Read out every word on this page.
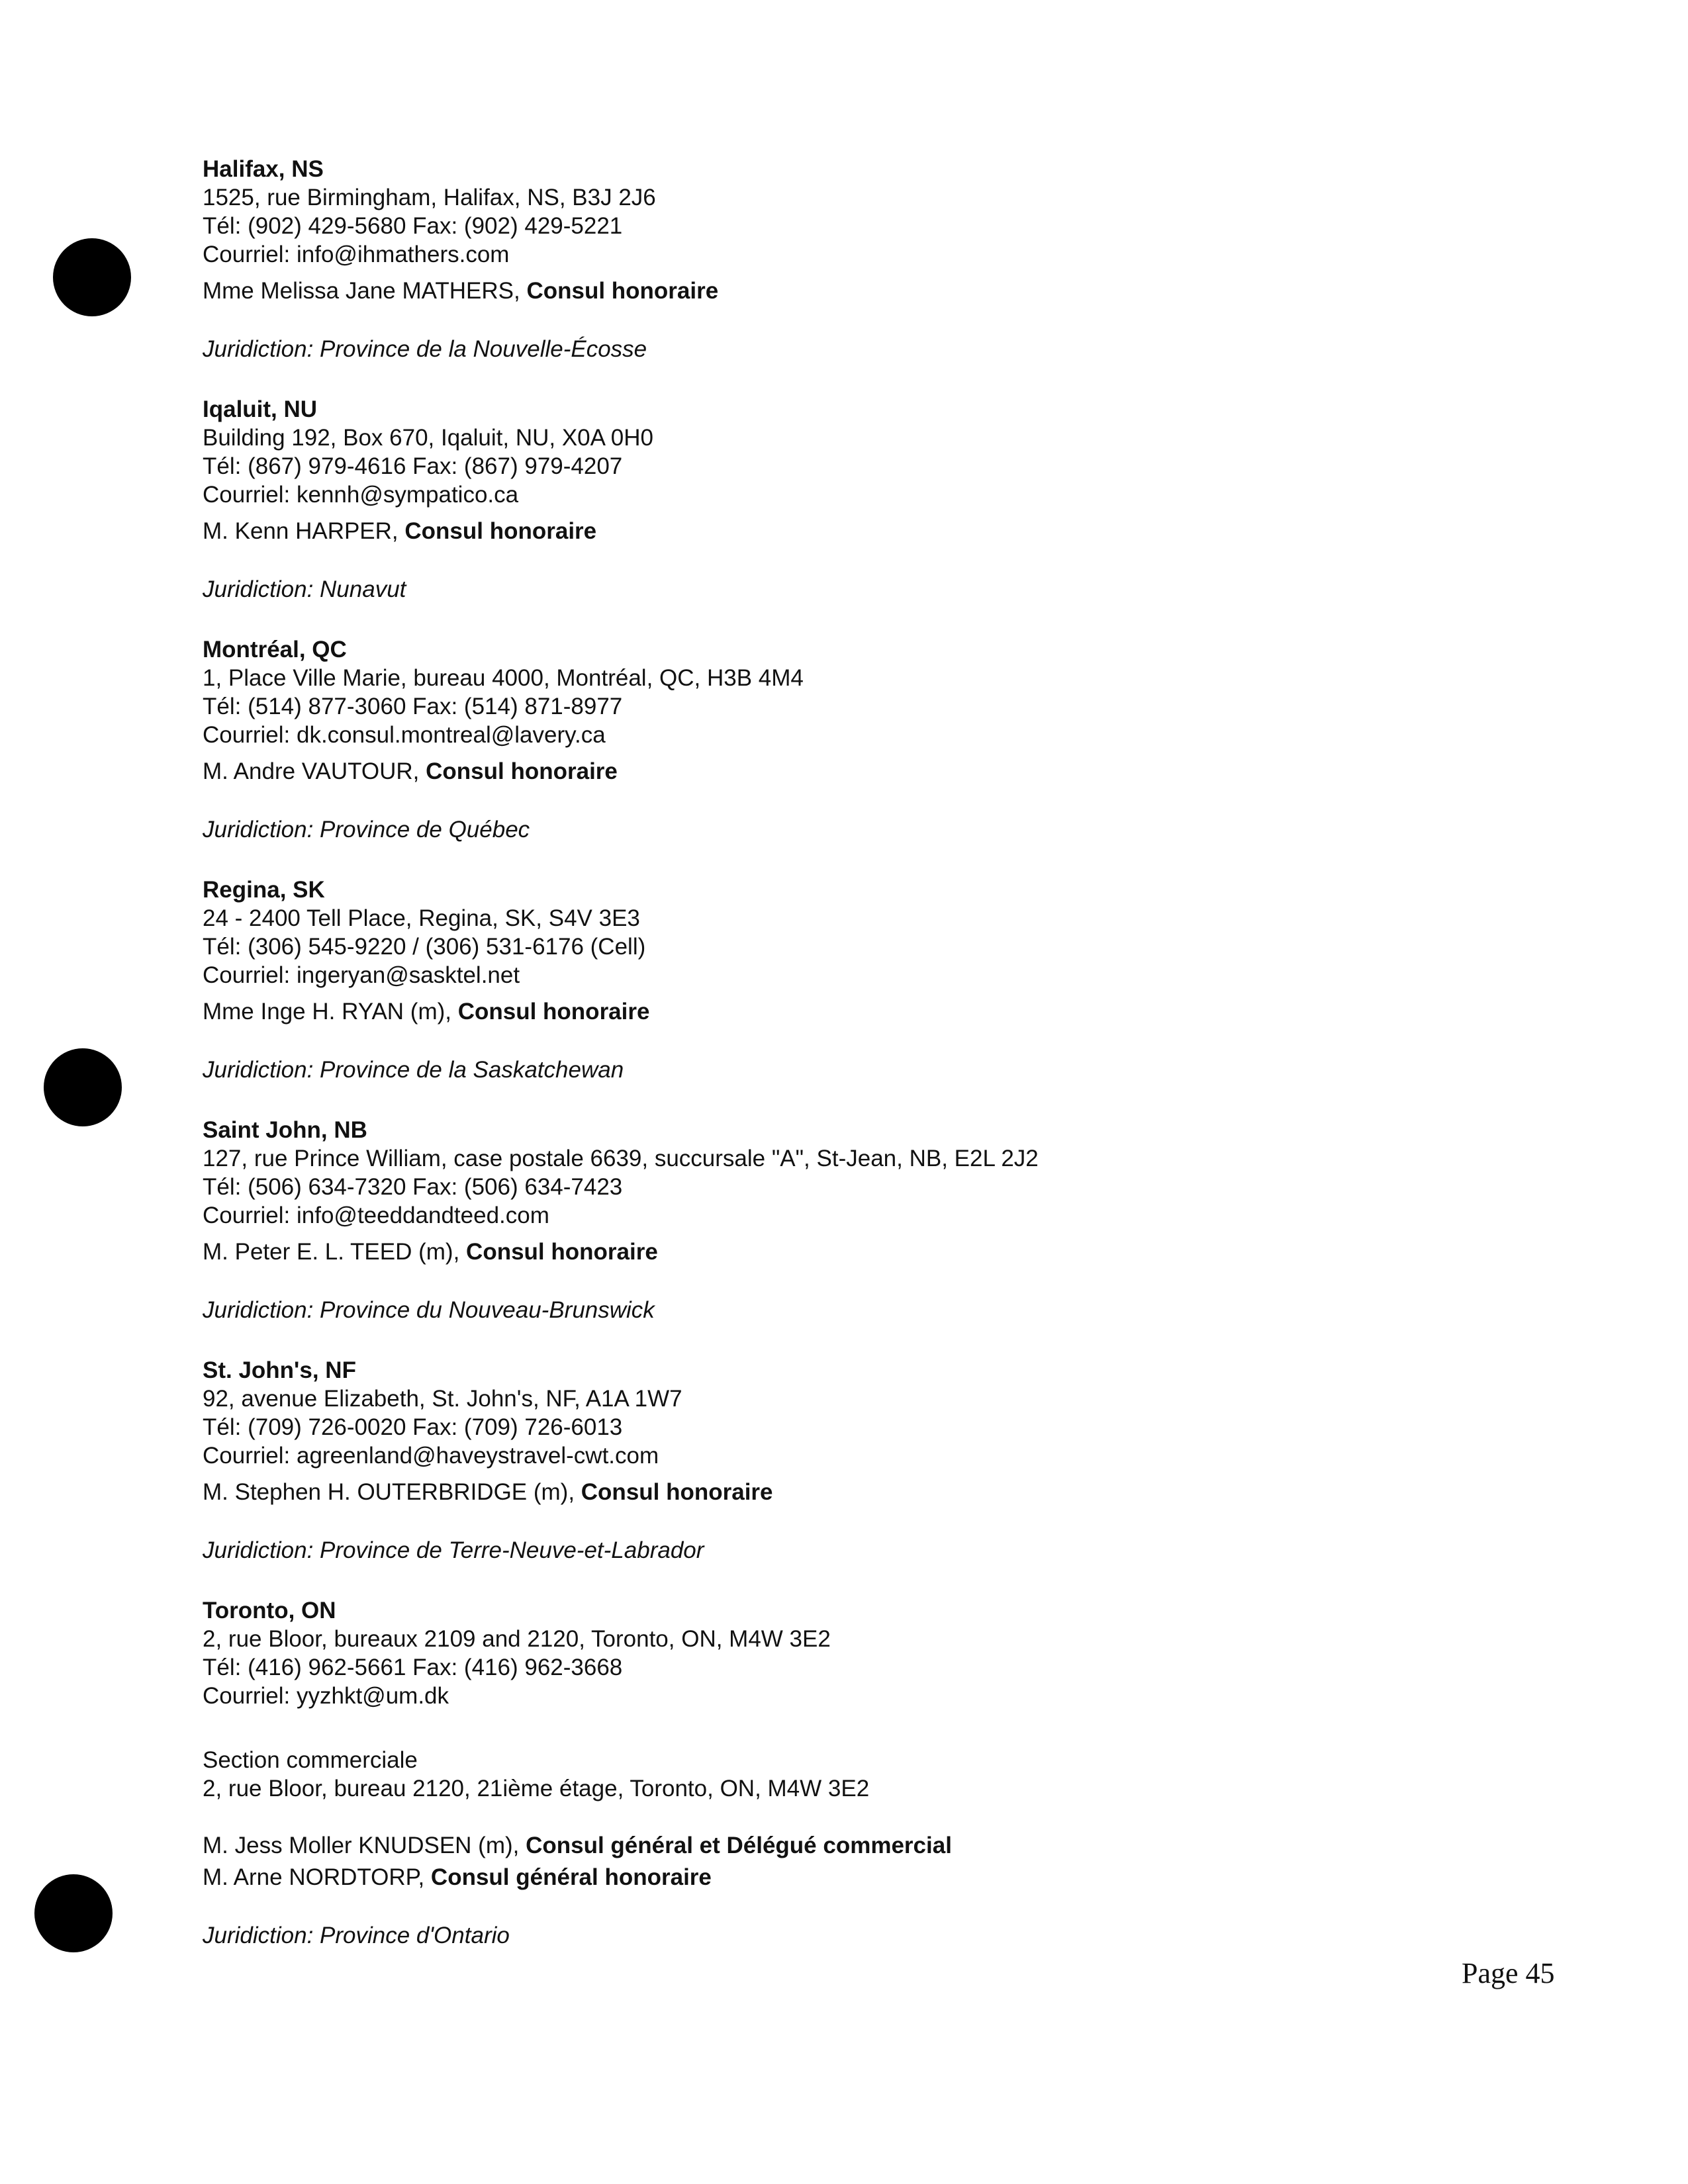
Halifax, NS

1525, rue Birmingham, Halifax, NS, B3J 2J6

Tél: (902) 429-5680 Fax: (902) 429-5221

Courriel: info@ihmathers.com

Mme Melissa Jane MATHERS, Consul honoraire

Juridiction: Province de la Nouvelle-Écosse

Iqaluit, NU

Building 192, Box 670, Iqaluit, NU, X0A 0H0

Tél: (867) 979-4616 Fax: (867) 979-4207

Courriel: kennh@sympatico.ca

M. Kenn HARPER, Consul honoraire

Juridiction: Nunavut

Montréal, QC

1, Place Ville Marie, bureau 4000, Montréal, QC, H3B 4M4

Tél: (514) 877-3060 Fax: (514) 871-8977

Courriel: dk.consul.montreal@lavery.ca

M. Andre VAUTOUR, Consul honoraire

Juridiction: Province de Québec

Regina, SK

24 - 2400 Tell Place, Regina, SK, S4V 3E3

Tél: (306) 545-9220 / (306) 531-6176 (Cell)

Courriel: ingeryan@sasktel.net

Mme Inge H. RYAN (m), Consul honoraire

Juridiction: Province de la Saskatchewan

Saint John, NB

127, rue Prince William, case postale 6639, succursale "A", St-Jean, NB, E2L 2J2

Tél: (506) 634-7320 Fax: (506) 634-7423

Courriel: info@teeddandteed.com

M. Peter E. L. TEED (m), Consul honoraire

Juridiction: Province du Nouveau-Brunswick

St. John's, NF

92, avenue Elizabeth, St. John's, NF, A1A 1W7

Tél: (709) 726-0020 Fax: (709) 726-6013

Courriel: agreenland@haveystravel-cwt.com

M. Stephen H. OUTERBRIDGE (m), Consul honoraire

Juridiction: Province de Terre-Neuve-et-Labrador

Toronto, ON

2, rue Bloor, bureaux 2109 and 2120, Toronto, ON, M4W 3E2

Tél: (416) 962-5661 Fax: (416) 962-3668

Courriel: yyzhkt@um.dk

Section commerciale

2, rue Bloor, bureau 2120, 21ième étage, Toronto, ON, M4W 3E2

M. Jess Moller KNUDSEN (m), Consul général et Délégué commercial

M. Arne NORDTORP, Consul général honoraire

Juridiction: Province d'Ontario

Page 45
